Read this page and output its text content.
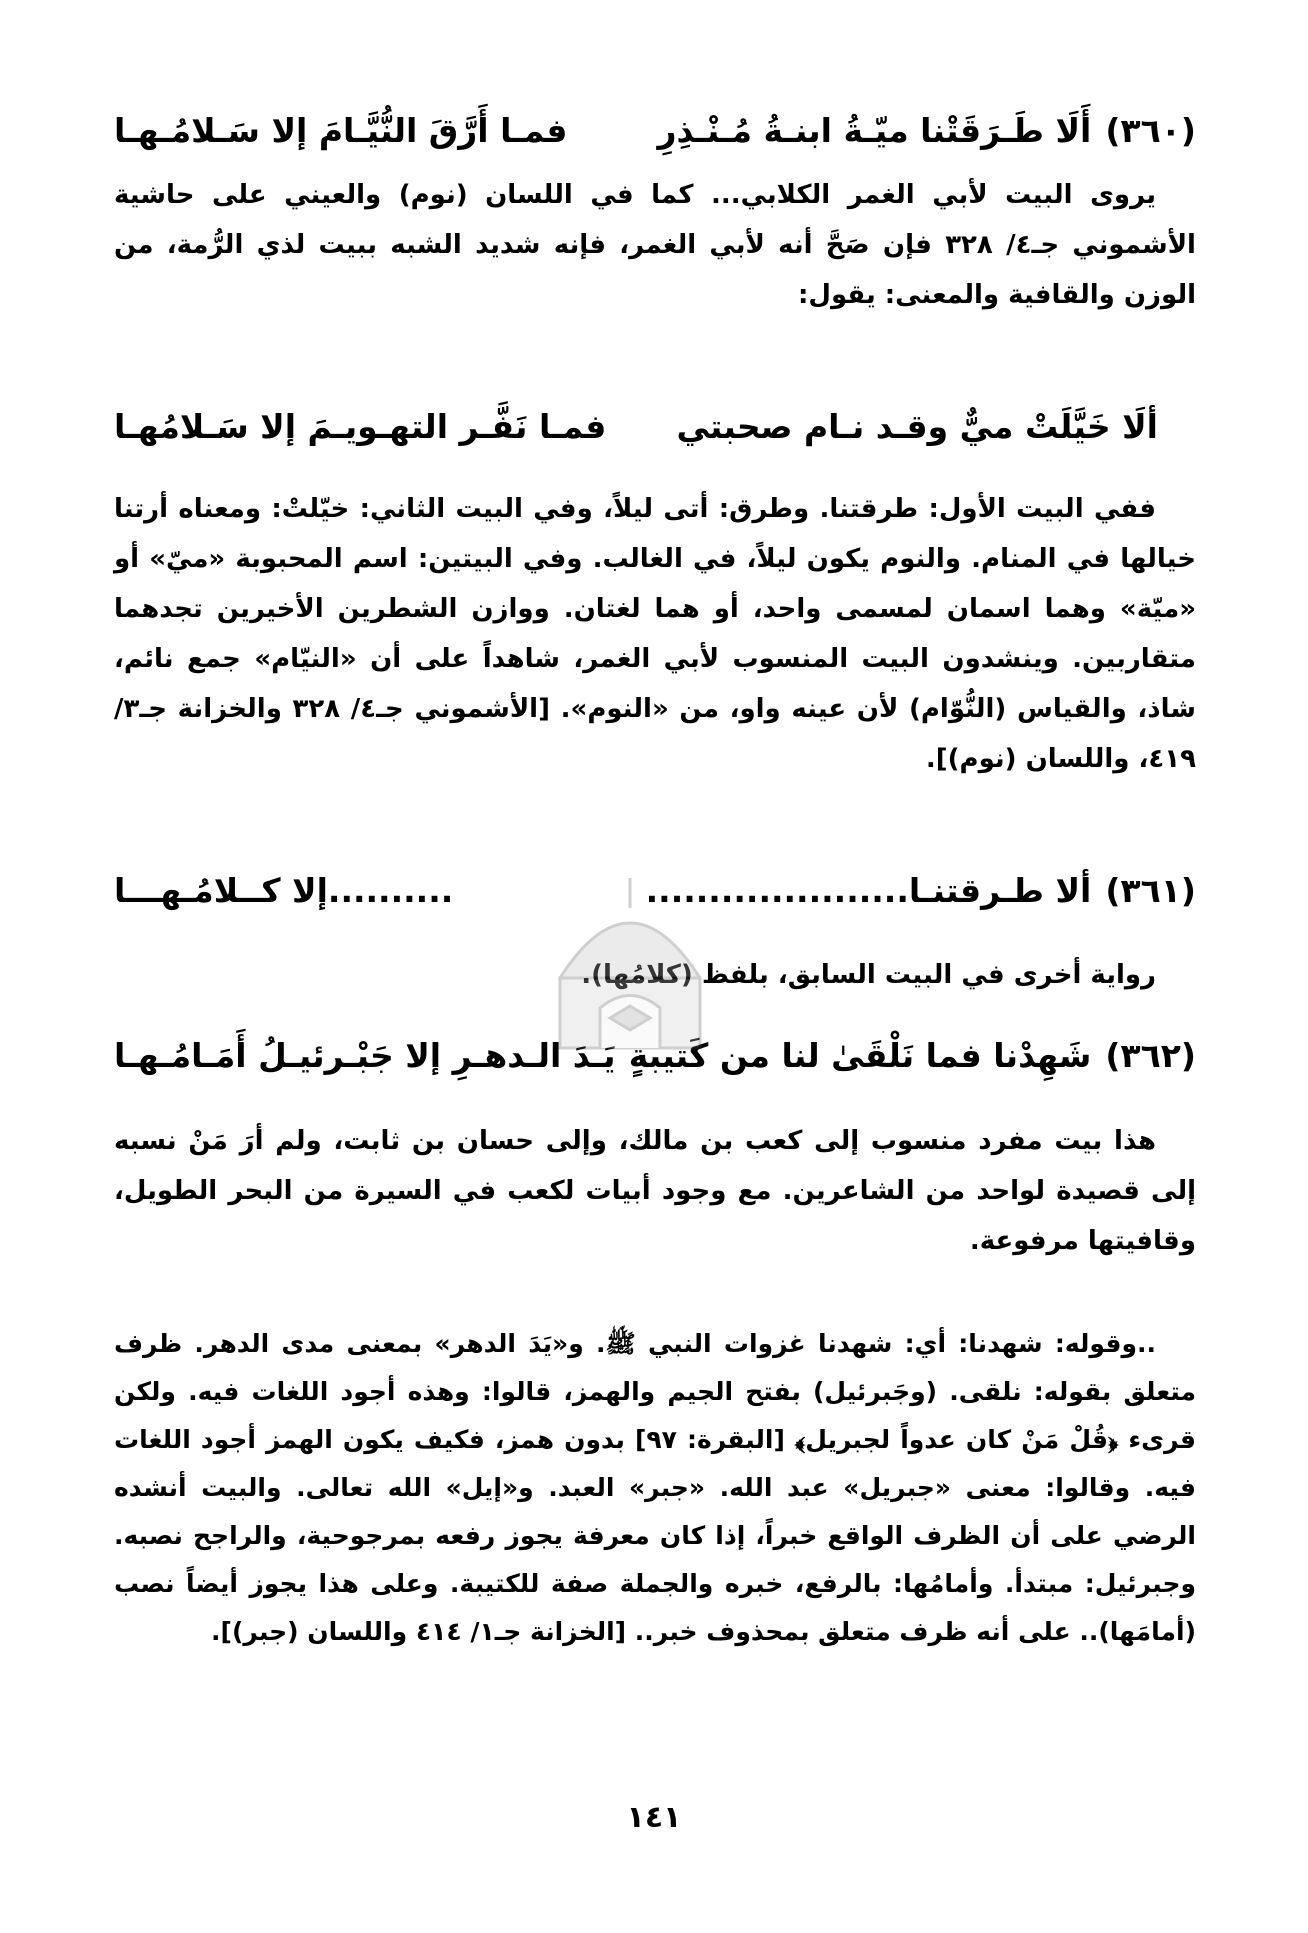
(٣٦٠)
أَلَا طَـرَقَتْنا ميّـةُ ابنـةُ مُـنْـذِرِ
فمـا أَرَّقَ النُّيَّـامَ إلا سَـلامُـهـا

يروى البيت لأبي الغمر الكلابي... كما في اللسان (نوم) والعيني على حاشية الأشموني جـ٤/ ٣٢٨ فإن صَحَّ أنه لأبي الغمر، فإنه شديد الشبه ببيت لذي الرُّمة، من الوزن والقافية والمعنى: يقول:

ألَا خَيَّلَتْ ميٌّ وقـد نـام صحبتي
فمـا نَفَّـر التهـويـمَ إلا سَـلامُهـا

ففي البيت الأول: طرقتنا. وطرق: أتى ليلاً، وفي البيت الثاني: خيّلتْ: ومعناه أرتنا خيالها في المنام. والنوم يكون ليلاً، في الغالب. وفي البيتين: اسم المحبوبة «ميّ» أو «ميّة» وهما اسمان لمسمى واحد، أو هما لغتان. ووازن الشطرين الأخيرين تجدهما متقاربين. وينشدون البيت المنسوب لأبي الغمر، شاهداً على أن «النيّام» جمع نائم، شاذ، والقياس (النُّوّام) لأن عينه واو، من «النوم». [الأشموني جـ٤/ ٣٢٨ والخزانة جـ٣/ ٤١٩، واللسان (نوم)].

(٣٦١)
ألا طـرقتنـا.....................
..........إلا كــلامُـهـــا

رواية أخرى في البيت السابق، بلفظ (كلامُها).

(٣٦٢)
شَهِدْنا فما نَلْقَىٰ لنا من كَتيبةٍ
يَـدَ الـدهـرِ إلا جَبْـرئيـلُ أَمَـامُـهـا

هذا بيت مفرد منسوب إلى كعب بن مالك، وإلى حسان بن ثابت، ولم أرَ مَنْ نسبه إلى قصيدة لواحد من الشاعرين. مع وجود أبيات لكعب في السيرة من البحر الطويل، وقافيتها مرفوعة.

..وقوله: شهدنا: أي: شهدنا غزوات النبي ﷺ. و«يَدَ الدهر» بمعنى مدى الدهر. ظرف متعلق بقوله: نلقى. (وجَبرئيل) بفتح الجيم والهمز، قالوا: وهذه أجود اللغات فيه. ولكن قرىء ﴿قُلْ مَنْ كان عدواً لجبريل﴾ [البقرة: ٩٧] بدون همز، فكيف يكون الهمز أجود اللغات فيه. وقالوا: معنى «جبريل» عبد الله. «جبر» العبد. و«إيل» الله تعالى. والبيت أنشده الرضي على أن الظرف الواقع خبراً، إذا كان معرفة يجوز رفعه بمرجوحية، والراجح نصبه. وجبرئيل: مبتدأ. وأمامُها: بالرفع، خبره والجملة صفة للكتيبة. وعلى هذا يجوز أيضاً نصب (أمامَها).. على أنه ظرف متعلق بمحذوف خبر.. [الخزانة جـ١/ ٤١٤ واللسان (جبر)].

١٤١
